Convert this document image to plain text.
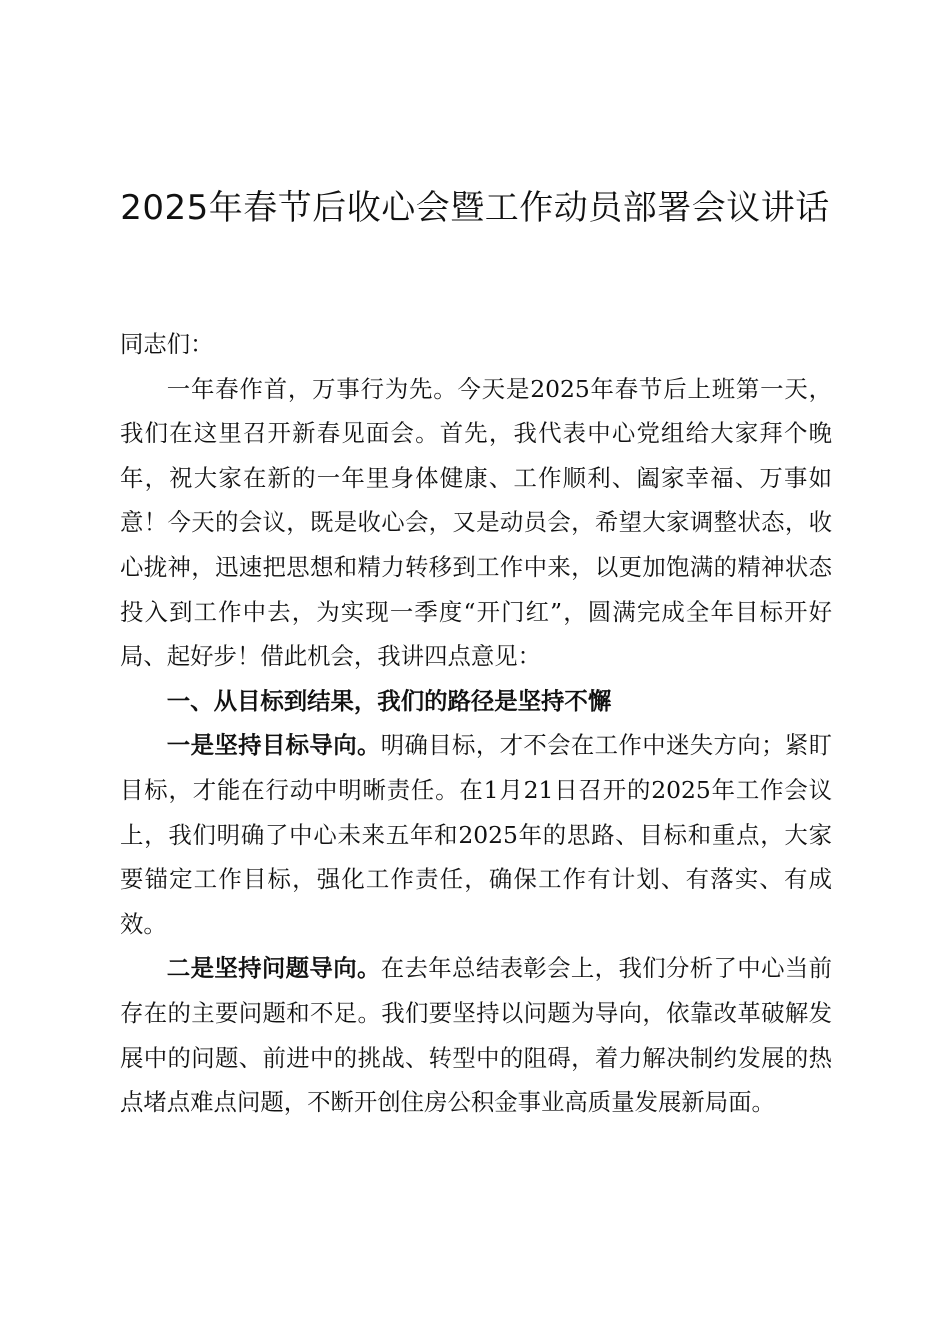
2025年春节后收心会暨工作动员部署会议讲话

同志们：

一年春作首，万事行为先。今天是2025年春节后上班第一天，我们在这里召开新春见面会。首先，我代表中心党组给大家拜个晚年，祝大家在新的一年里身体健康、工作顺利、阖家幸福、万事如意！今天的会议，既是收心会，又是动员会，希望大家调整状态，收心拢神，迅速把思想和精力转移到工作中来，以更加饱满的精神状态投入到工作中去，为实现一季度“开门红”，圆满完成全年目标开好局、起好步！借此机会，我讲四点意见：

一、从目标到结果，我们的路径是坚持不懈

一是坚持目标导向。明确目标，才不会在工作中迷失方向；紧盯目标，才能在行动中明晰责任。在1月21日召开的2025年工作会议上，我们明确了中心未来五年和2025年的思路、目标和重点，大家要锚定工作目标，强化工作责任，确保工作有计划、有落实、有成效。

二是坚持问题导向。在去年总结表彰会上，我们分析了中心当前存在的主要问题和不足。我们要坚持以问题为导向，依靠改革破解发展中的问题、前进中的挑战、转型中的阻碍，着力解决制约发展的热点堵点难点问题，不断开创住房公积金事业高质量发展新局面。
